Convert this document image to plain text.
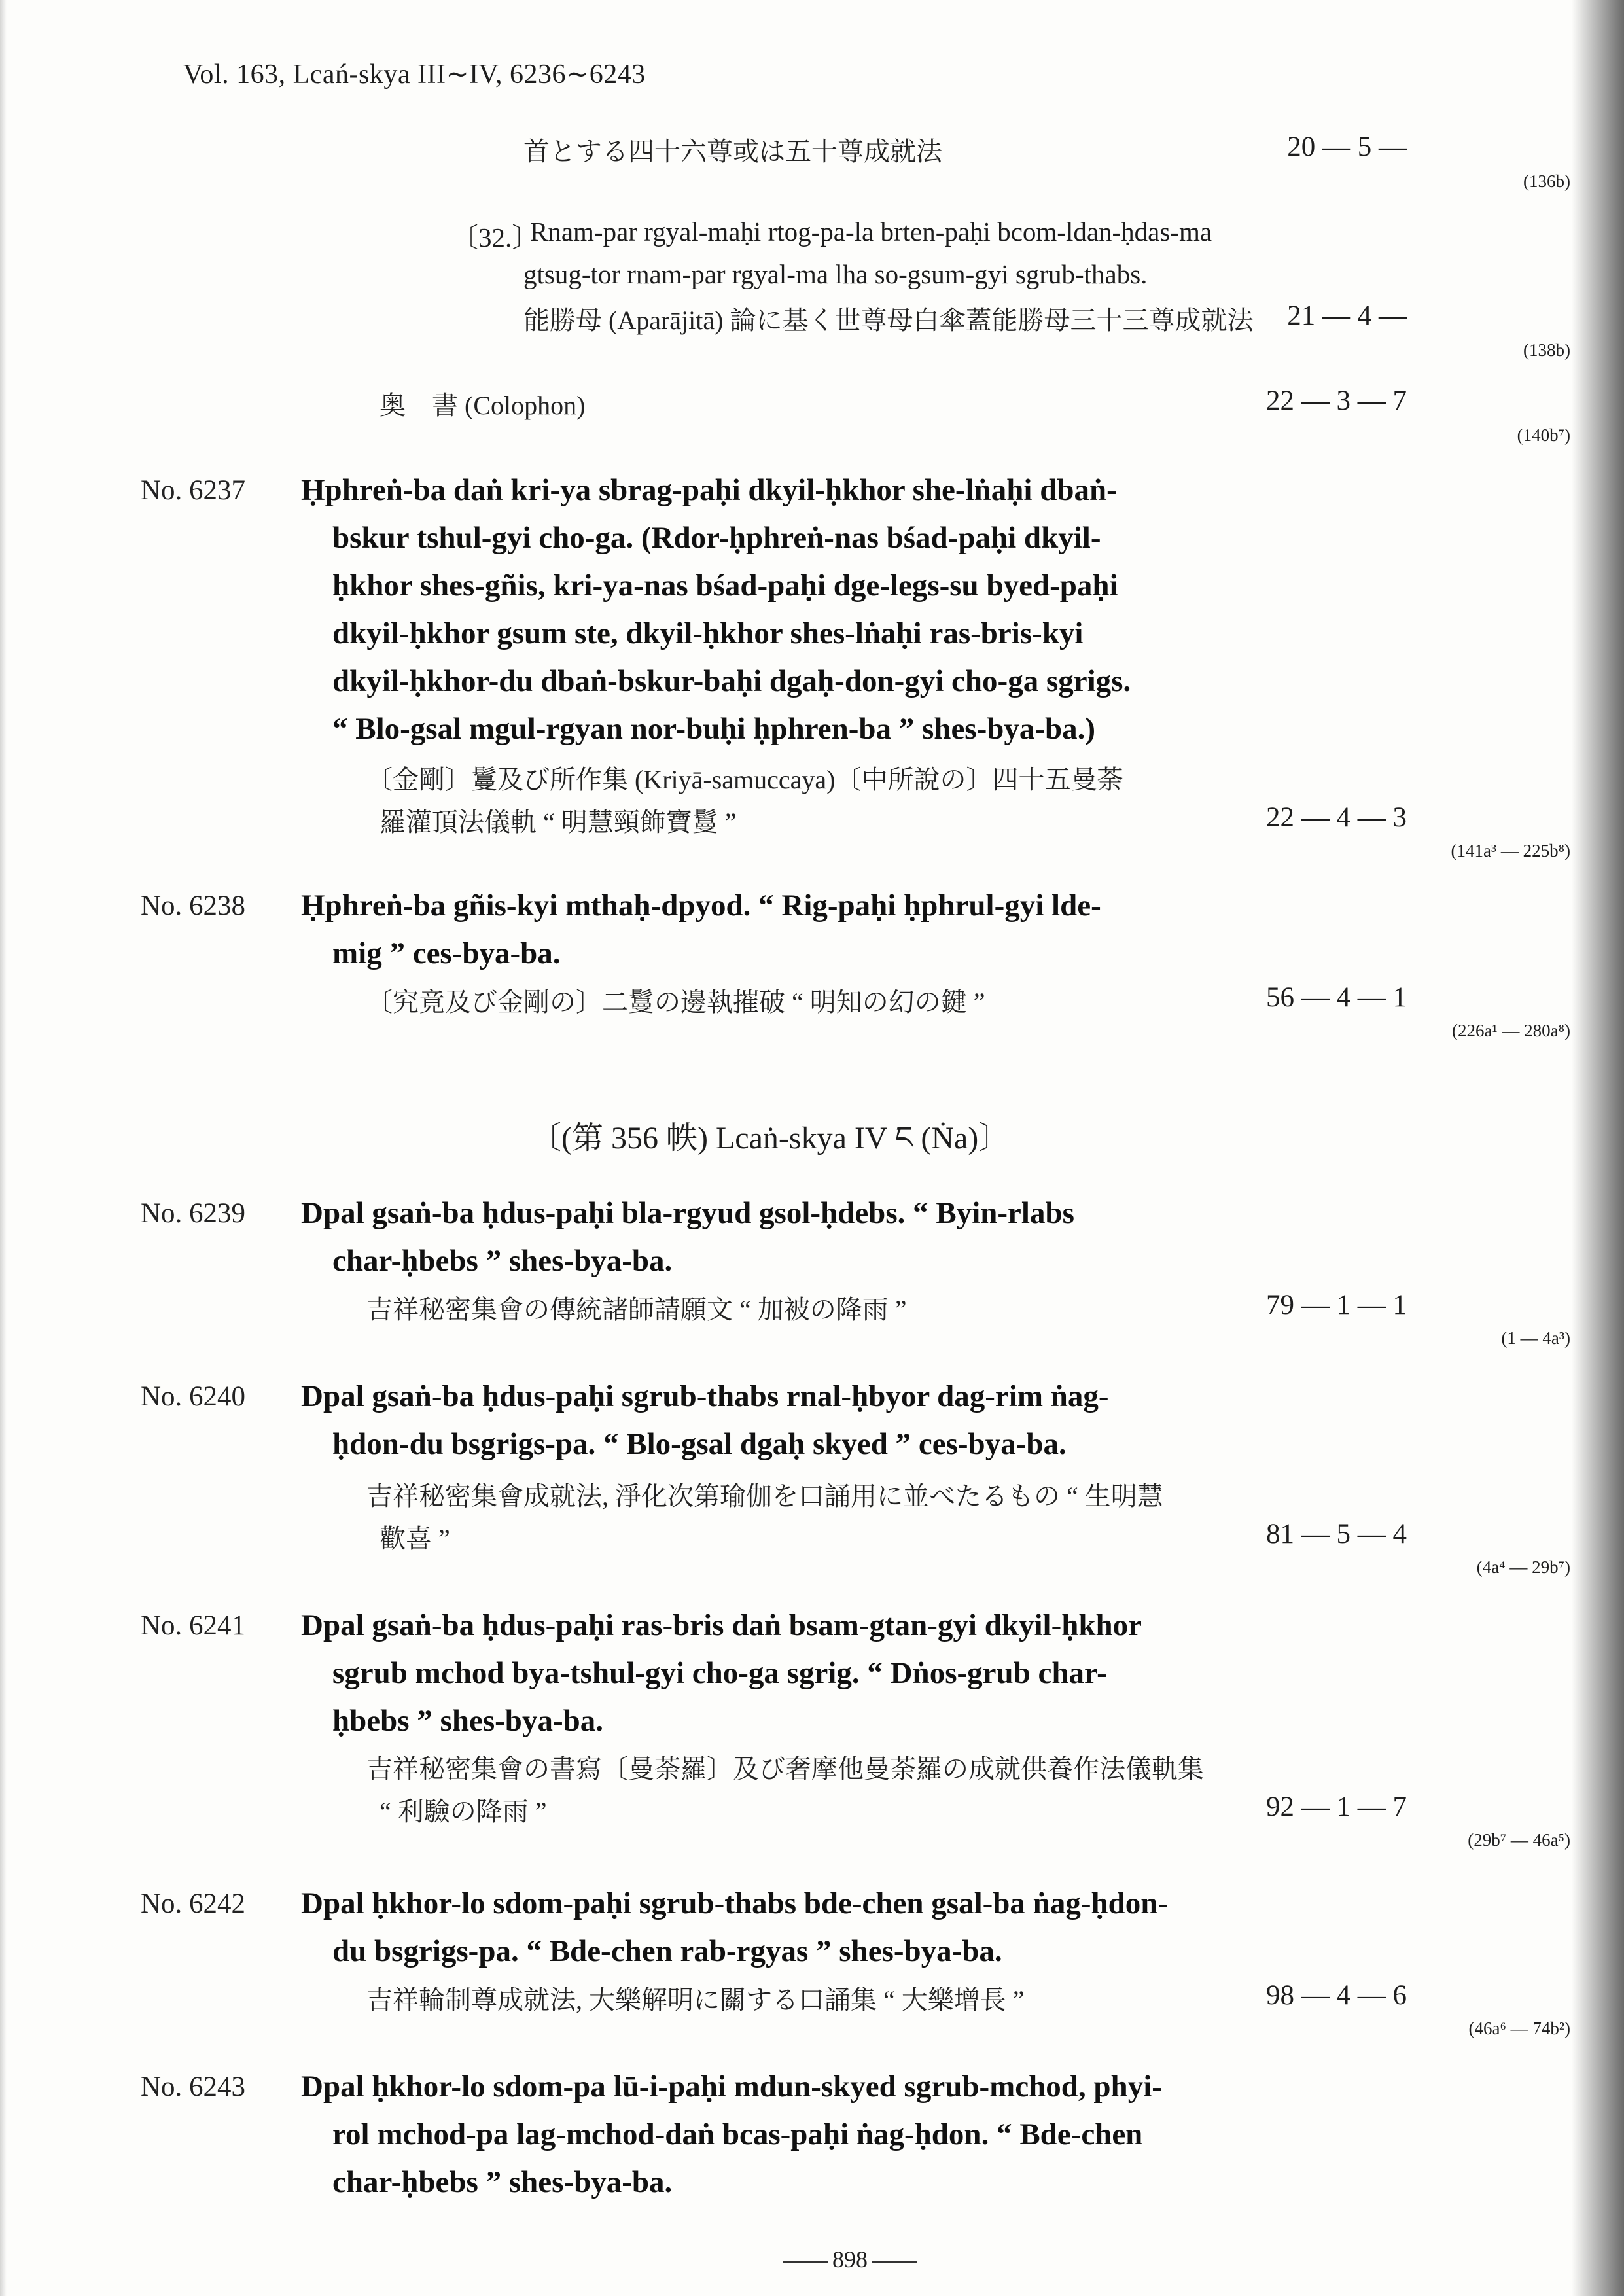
Vol. 163, Lcań-skya III∼IV, 6236∼6243
首とする四十六尊或は五十尊成就法	20 — 5 —
(136b)
〔32.〕
Rnam-par rgyal-maḥi rtog-pa-la brten-paḥi bcom-ldan-ḥdas-ma
gtsug-tor rnam-par rgyal-ma lha so-gsum-gyi sgrub-thabs.
能勝母 (Aparājitā) 論に基く世尊母白傘蓋能勝母三十三尊成就法	21 — 4 —
(138b)
奥　書 (Colophon)	22 — 3 — 7
(140b⁷)
No. 6237 Ḥphreṅ-ba daṅ kri-ya sbrag-paḥi dkyil-ḥkhor she-lṅaḥi dbaṅ-
bskur tshul-gyi cho-ga. (Rdor-ḥphreṅ-nas bśad-paḥi dkyil-
ḥkhor shes-gñis, kri-ya-nas bśad-paḥi dge-legs-su byed-paḥi
dkyil-ḥkhor gsum ste, dkyil-ḥkhor shes-lṅaḥi ras-bris-kyi
dkyil-ḥkhor-du dbaṅ-bskur-baḥi dgaḥ-don-gyi cho-ga sgrigs.
“ Blo-gsal mgul-rgyan nor-buḥi ḥphren-ba ” shes-bya-ba.)
〔金剛〕鬘及び所作集 (Kriyā-samuccaya)〔中所說の〕四十五曼荼
羅灌頂法儀軌 “ 明慧頸飾寶鬘 ”	22 — 4 — 3
(141a³ — 225b⁸)
No. 6238 Ḥphreṅ-ba gñis-kyi mthaḥ-dpyod. “ Rig-paḥi ḥphrul-gyi lde-
mig ” ces-bya-ba.
〔究竟及び金剛の〕二鬘の邊執摧破 “ 明知の幻の鍵 ”	56 — 4 — 1
(226a¹ — 280a⁸)
〔(第 356 帙) Lcaṅ-skya IV ང (Ṅa)〕
No. 6239 Dpal gsaṅ-ba ḥdus-paḥi bla-rgyud gsol-ḥdebs. “ Byin-rlabs
char-ḥbebs ” shes-bya-ba.
吉祥秘密集會の傳統諸師請願文 “ 加被の降雨 ”	79 — 1 — 1
(1 — 4a³)
No. 6240 Dpal gsaṅ-ba ḥdus-paḥi sgrub-thabs rnal-ḥbyor dag-rim ṅag-
ḥdon-du bsgrigs-pa. “ Blo-gsal dgaḥ skyed ” ces-bya-ba.
吉祥秘密集會成就法, 淨化次第瑜伽を口誦用に並べたるもの “ 生明慧
歡喜 ”	81 — 5 — 4
(4a⁴ — 29b⁷)
No. 6241 Dpal gsaṅ-ba ḥdus-paḥi ras-bris daṅ bsam-gtan-gyi dkyil-ḥkhor
sgrub mchod bya-tshul-gyi cho-ga sgrig. “ Dṅos-grub char-
ḥbebs ” shes-bya-ba.
吉祥秘密集會の書寫〔曼荼羅〕及び奢摩他曼荼羅の成就供養作法儀軌集
“ 利驗の降雨 ”	92 — 1 — 7
(29b⁷ — 46a⁵)
No. 6242 Dpal ḥkhor-lo sdom-paḥi sgrub-thabs bde-chen gsal-ba ṅag-ḥdon-
du bsgrigs-pa. “ Bde-chen rab-rgyas ” shes-bya-ba.
吉祥輪制尊成就法, 大樂解明に關する口誦集 “ 大樂增長 ”	98 — 4 — 6
(46a⁶ — 74b²)
No. 6243 Dpal ḥkhor-lo sdom-pa lū-i-paḥi mdun-skyed sgrub-mchod, phyi-
rol mchod-pa lag-mchod-daṅ bcas-paḥi ṅag-ḥdon. “ Bde-chen
char-ḥbebs ” shes-bya-ba.
898
